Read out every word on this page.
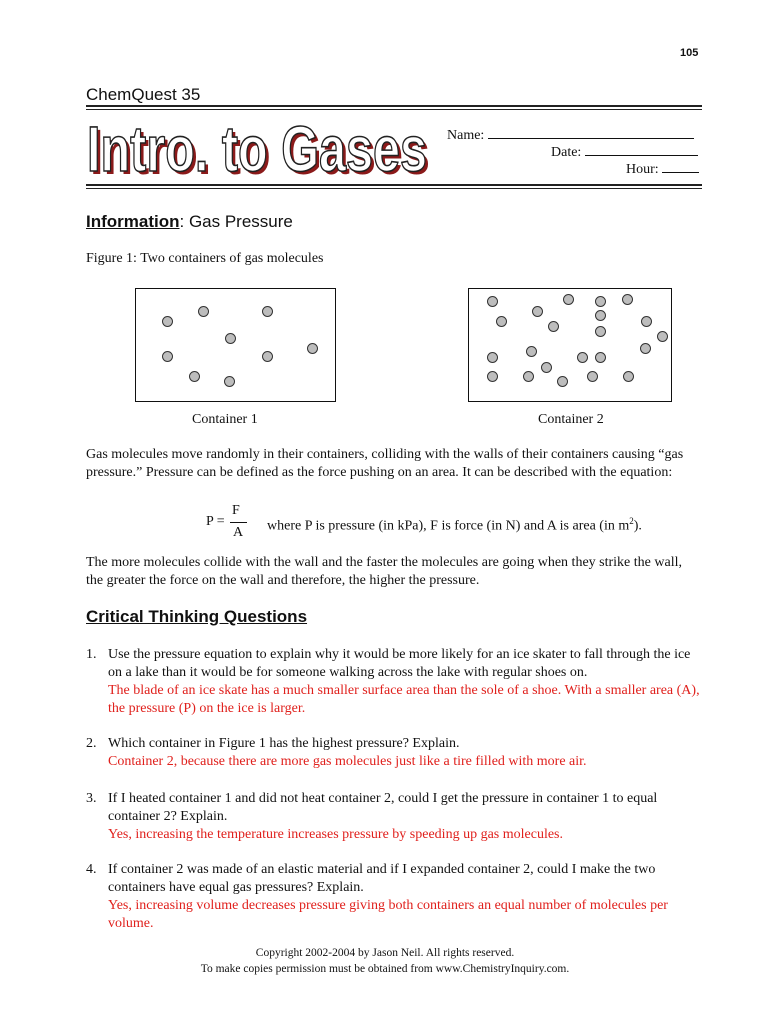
105
ChemQuest 35
Intro. to Gases
Intro. to Gases Name:
Date:
Hour:
Information: Gas Pressure
Figure 1: Two containers of gas molecules
Container 1	Container 2
Gas molecules move randomly in their containers, colliding with the walls of their containers causing “gas pressure.” Pressure can be defined as the force pushing on an area. It can be described with the equation:
P =
F
A where P is pressure (in kPa), F is force (in N) and A is area (in $m^2$).
The more molecules collide with the wall and the faster the molecules are going when they strike the wall, the greater the force on the wall and therefore, the higher the pressure.
Critical Thinking Questions
1. Use the pressure equation to explain why it would be more likely for an ice skater to fall through the ice on a lake than it would be for someone walking across the lake with regular shoes on.
The blade of an ice skate has a much smaller surface area than the sole of a shoe. With a smaller area (A), the pressure (P) on the ice is larger.
2. Which container in Figure 1 has the highest pressure? Explain.
Container 2, because there are more gas molecules just like a tire filled with more air.
3. If I heated container 1 and did not heat container 2, could I get the pressure in container 1 to equal container 2? Explain.
Yes, increasing the temperature increases pressure by speeding up gas molecules.
4. If container 2 was made of an elastic material and if I expanded container 2, could I make the two containers have equal gas pressures? Explain.
Yes, increasing volume decreases pressure giving both containers an equal number of molecules per volume.
Copyright 2002-2004 by Jason Neil. All rights reserved.
To make copies permission must be obtained from www.ChemistryInquiry.com.
